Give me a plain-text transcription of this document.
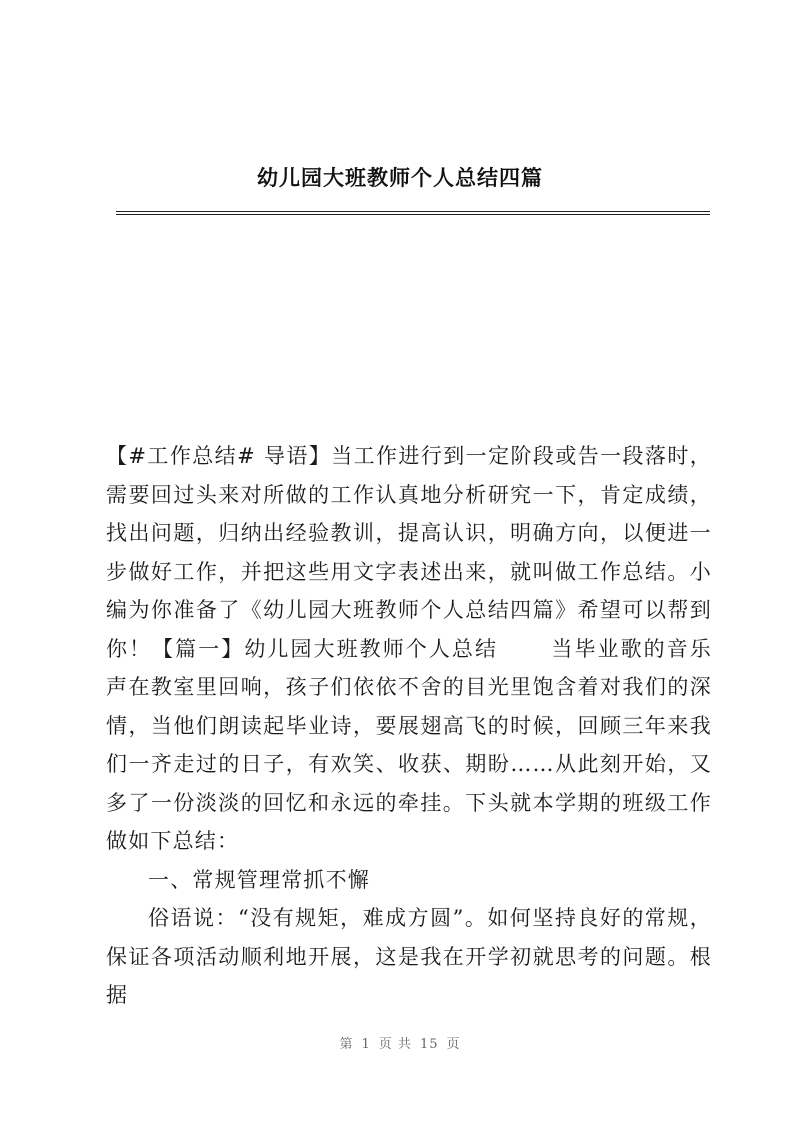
幼儿园大班教师个人总结四篇

【#工作总结# 导语】当工作进行到一定阶段或告一段落时，需要回过头来对所做的工作认真地分析研究一下，肯定成绩，找出问题，归纳出经验教训，提高认识，明确方向，以便进一步做好工作，并把这些用文字表述出来，就叫做工作总结。小编为你准备了《幼儿园大班教师个人总结四篇》希望可以帮到你！【篇一】幼儿园大班教师个人总结	当毕业歌的音乐声在教室里回响，孩子们依依不舍的目光里饱含着对我们的深情，当他们朗读起毕业诗，要展翅高飞的时候，回顾三年来我们一齐走过的日子，有欢笑、收获、期盼……从此刻开始，又多了一份淡淡的回忆和永远的牵挂。下头就本学期的班级工作做如下总结：

一、常规管理常抓不懈

俗语说：“没有规矩，难成方圆”。如何坚持良好的常规，保证各项活动顺利地开展，这是我在开学初就思考的问题。根据

第 1 页 共 15 页
